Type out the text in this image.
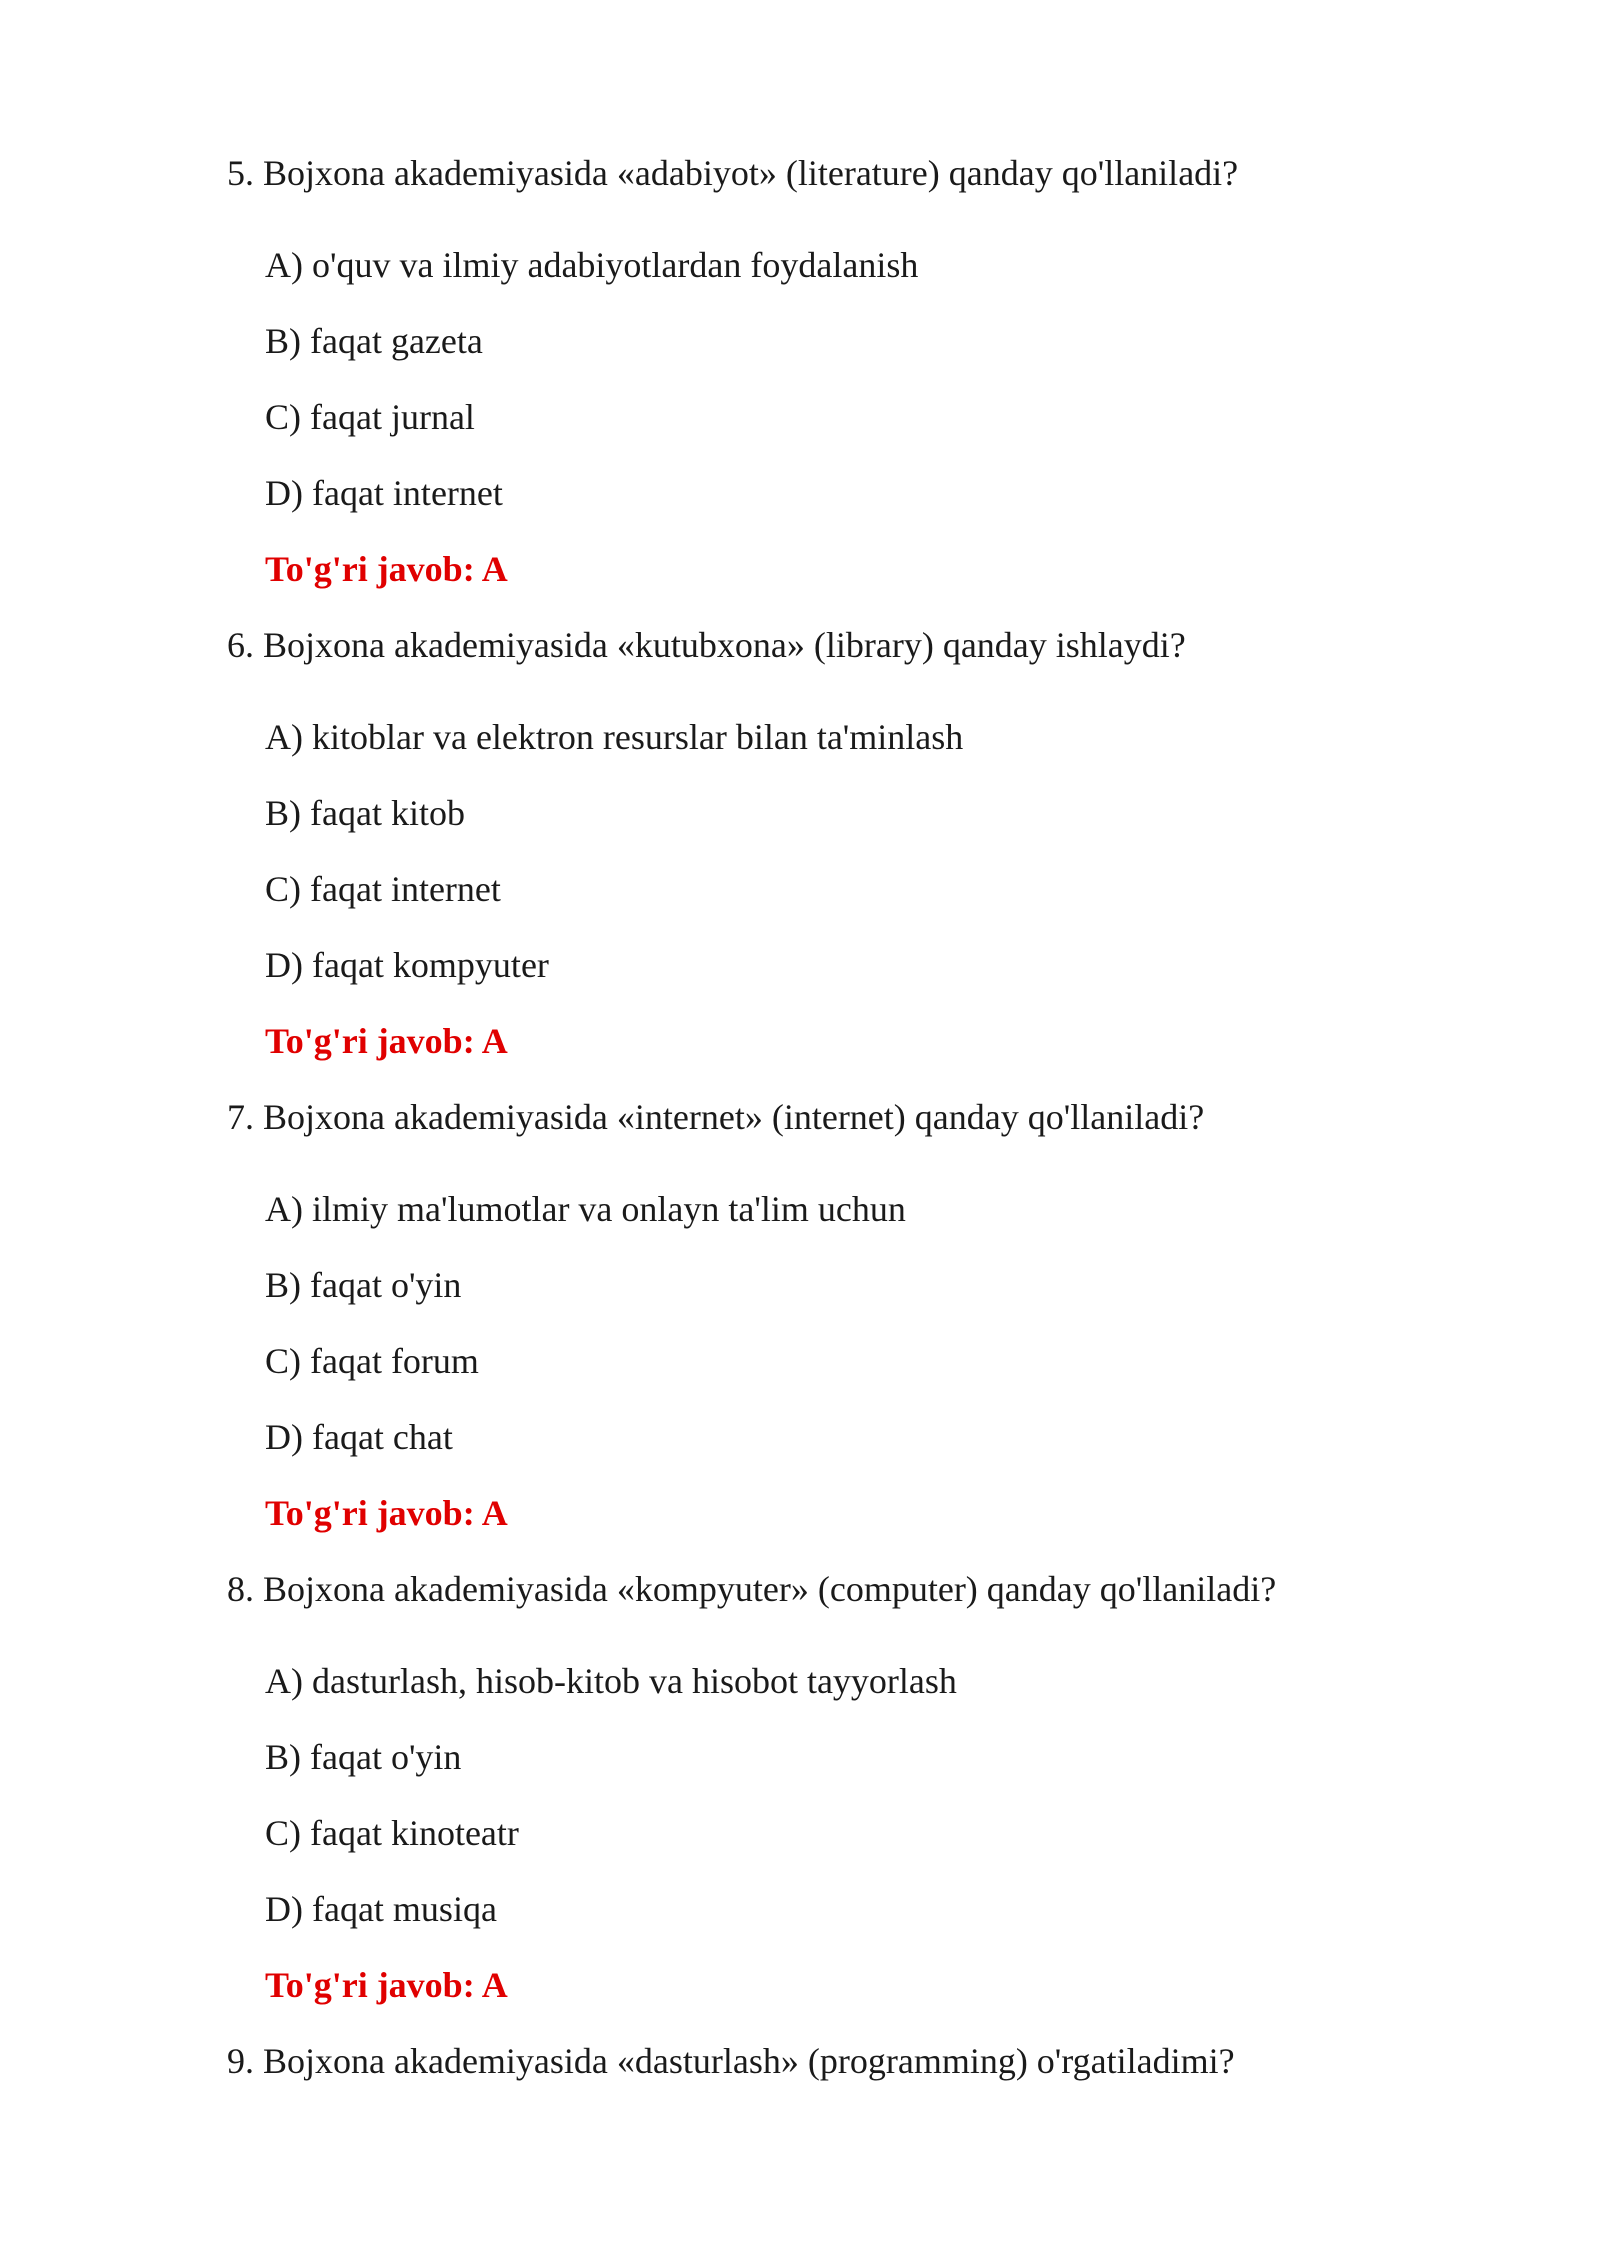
5. Bojxona akademiyasida «adabiyot» (literature) qanday qo'llaniladi?
A) o'quv va ilmiy adabiyotlardan foydalanish
B) faqat gazeta
C) faqat jurnal
D) faqat internet
To'g'ri javob: A
6. Bojxona akademiyasida «kutubxona» (library) qanday ishlaydi?
A) kitoblar va elektron resurslar bilan ta'minlash
B) faqat kitob
C) faqat internet
D) faqat kompyuter
To'g'ri javob: A
7. Bojxona akademiyasida «internet» (internet) qanday qo'llaniladi?
A) ilmiy ma'lumotlar va onlayn ta'lim uchun
B) faqat o'yin
C) faqat forum
D) faqat chat
To'g'ri javob: A
8. Bojxona akademiyasida «kompyuter» (computer) qanday qo'llaniladi?
A) dasturlash, hisob-kitob va hisobot tayyorlash
B) faqat o'yin
C) faqat kinoteatr
D) faqat musiqa
To'g'ri javob: A
9. Bojxona akademiyasida «dasturlash» (programming) o'rgatiladimi?
